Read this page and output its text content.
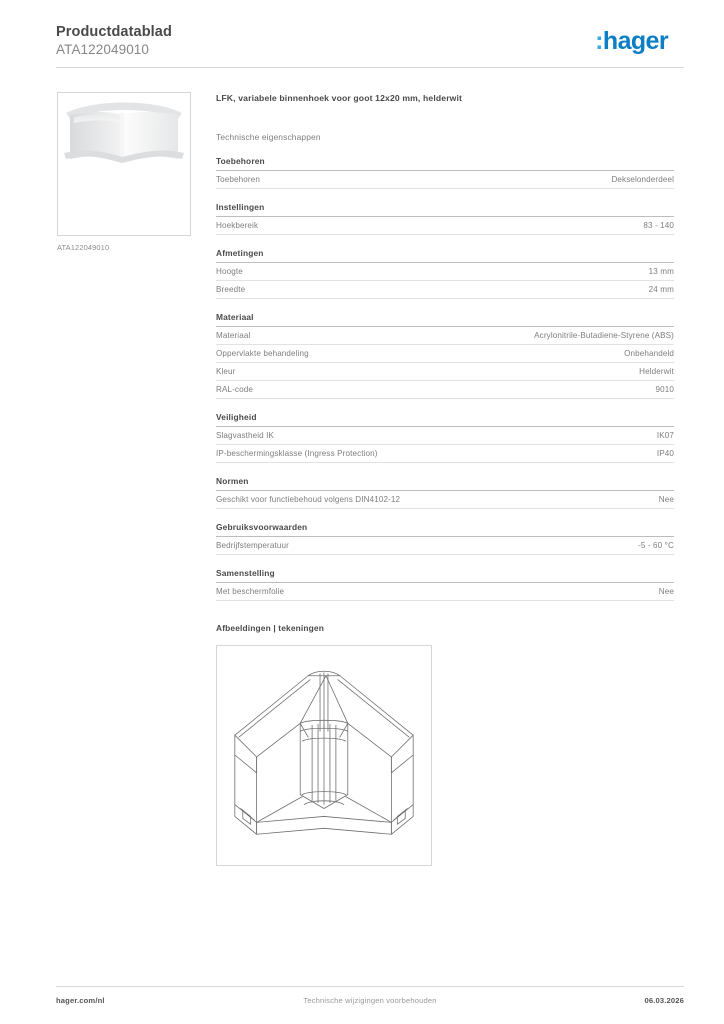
Productdatablad
ATA122049010	:hager
ATA122049010
LFK, variabele binnenhoek voor goot 12x20 mm, helderwit
Technische eigenschappen
Toebehoren
Toebehoren	Dekselonderdeel
Instellingen
Hoekbereik	83 - 140
Afmetingen
Hoogte	13 mm
Breedte	24 mm
Materiaal
Materiaal	Acrylonitrile-Butadiene-Styrene (ABS)
Oppervlakte behandeling	Onbehandeld
Kleur	Helderwit
RAL-code	9010
Veiligheid
Slagvastheid IK	IK07
IP-beschermingsklasse (Ingress Protection)	IP40
Normen
Geschikt voor functiebehoud volgens DIN4102-12	Nee
Gebruiksvoorwaarden
Bedrijfstemperatuur	-5 - 60 °C
Samenstelling
Met beschermfolie	Nee
Afbeeldingen | tekeningen
hager.com/nl	Technische wijzigingen voorbehouden	06.03.2026
